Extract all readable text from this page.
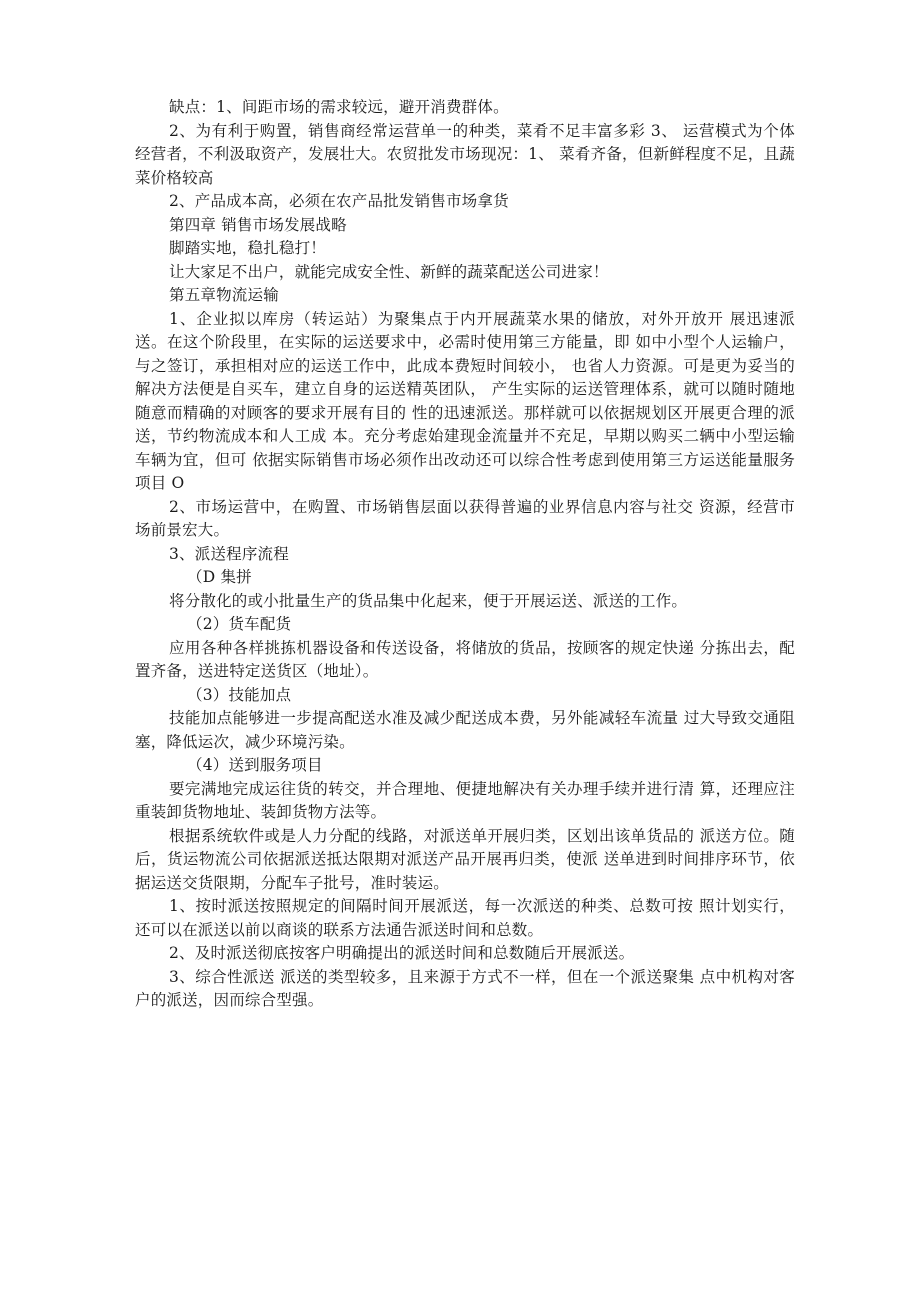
缺点：1、间距市场的需求较远，避开消费群体。

2、为有利于购置，销售商经常运营单一的种类，菜肴不足丰富多彩 3、 运营模式为个体经营者，不利汲取资产，发展壮大。农贸批发市场现况：1、 菜肴齐备，但新鲜程度不足，且蔬菜价格较高

2、产品成本高，必须在农产品批发销售市场拿货

第四章 销售市场发展战略

脚踏实地，稳扎稳打！

让大家足不出户，就能完成安全性、新鲜的蔬菜配送公司进家！

第五章物流运输

1、企业拟以库房（转运站）为聚集点于内开展蔬菜水果的储放，对外开放开 展迅速派送。在这个阶段里，在实际的运送要求中，必需时使用第三方能量，即 如中小型个人运输户，与之签订，承担相对应的运送工作中，此成本费短时间较小， 也省人力资源。可是更为妥当的解决方法便是自买车，建立自身的运送精英团队， 产生实际的运送管理体系，就可以随时随地随意而精确的对顾客的要求开展有目的 性的迅速派送。那样就可以依据规划区开展更合理的派送，节约物流成本和人工成 本。充分考虑始建现金流量并不充足，早期以购买二辆中小型运输车辆为宜，但可 依据实际销售市场必须作出改动还可以综合性考虑到使用第三方运送能量服务项目 O

2、市场运营中，在购置、市场销售层面以获得普遍的业界信息内容与社交 资源，经营市场前景宏大。

3、派送程序流程

（D 集拼

将分散化的或小批量生产的货品集中化起来，便于开展运送、派送的工作。

（2）货车配货

应用各种各样挑拣机器设备和传送设备，将储放的货品，按顾客的规定快递 分拣出去，配置齐备，送进特定送货区（地址）。

（3）技能加点

技能加点能够进一步提高配送水准及减少配送成本费，另外能减轻车流量 过大导致交通阻塞，降低运次，减少环境污染。

（4）送到服务项目

要完满地完成运往货的转交，并合理地、便捷地解决有关办理手续并进行清 算，还理应注重装卸货物地址、装卸货物方法等。

根据系统软件或是人力分配的线路，对派送单开展归类，区划出该单货品的 派送方位。随后，货运物流公司依据派送抵达限期对派送产品开展再归类，使派 送单进到时间排序环节，依据运送交货限期，分配车子批号，准时装运。

1、按时派送按照规定的间隔时间开展派送，每一次派送的种类、总数可按 照计划实行，还可以在派送以前以商谈的联系方法通告派送时间和总数。

2、及时派送彻底按客户明确提出的派送时间和总数随后开展派送。

3、综合性派送 派送的类型较多，且来源于方式不一样，但在一个派送聚集 点中机构对客户的派送，因而综合型强。
